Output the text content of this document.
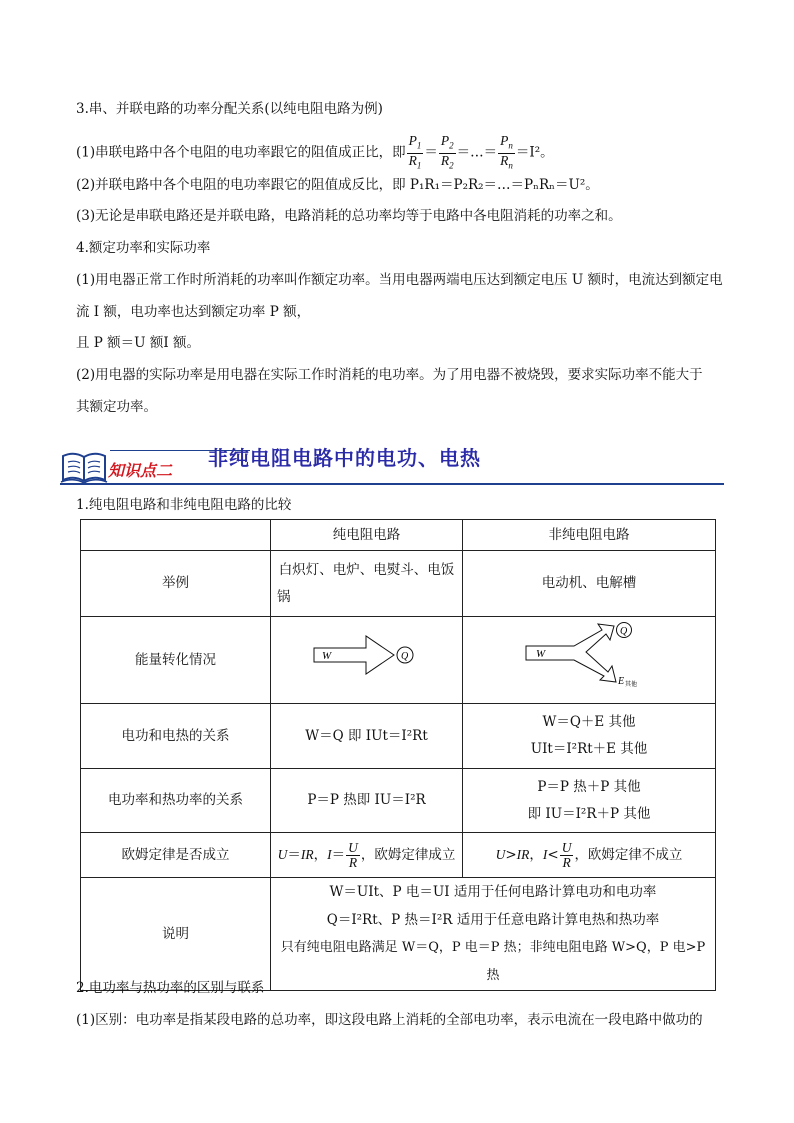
3.串、并联电路的功率分配关系(以纯电阻电路为例)
(1)串联电路中各个电阻的电功率跟它的阻值成正比，即 $\frac{P_1}{R_1} = \frac{P_2}{R_2}$ ＝…＝ $\frac{P_n}{R_n} =I^2$。
(2)并联电路中各个电阻的电功率跟它的阻值成反比，即 P₁R₁＝P₂R₂＝…＝PₙRₙ＝U²。
(3)无论是串联电路还是并联电路，电路消耗的总功率均等于电路中各电阻消耗的功率之和。
4.额定功率和实际功率
(1)用电器正常工作时所消耗的功率叫作额定功率。当用电器两端电压达到额定电压 U 额时，电流达到额定电
流 I 额，电功率也达到额定功率 P 额，
且 P 额＝U 额I 额。
(2)用电器的实际功率是用电器在实际工作时消耗的电功率。为了用电器不被烧毁，要求实际功率不能大于
其额定功率。
知识点二
非纯电阻电路中的电功、电热
1.纯电阻电路和非纯电阻电路的比较
	纯电阻电路	非纯电阻电路
举例	白炽灯、电炉、电熨斗、电饭
锅	电动机、电解槽
能量转化情况	W Q	W
Q
E 其他

电功和电热的关系	W＝Q 即 IUt＝I²Rt	W＝Q＋E 其他
UIt＝I²Rt＋E 其他

电功率和热功率的关系	P＝P 热即 IU＝I²R	P＝P 热＋P 其他
即 IU＝I²R＋P 其他

欧姆定律是否成立	U＝IR，$I= \frac{U}{R}$ ，欧姆定律成立	U>IR，$I< \frac{U}{R}$ ，欧姆定律不成立
说明	W＝UIt、P 电＝UI 适用于任何电路计算电功和电功率
Q＝I²Rt、P 热＝I²R 适用于任意电路计算电热和热功率
只有纯电阻电路满足 W＝Q，P 电＝P 热；非纯电阻电路 W>Q，P 电>P 热	
2.电功率与热功率的区别与联系
(1)区别：电功率是指某段电路的总功率，即这段电路上消耗的全部电功率，表示电流在一段电路中做功的
